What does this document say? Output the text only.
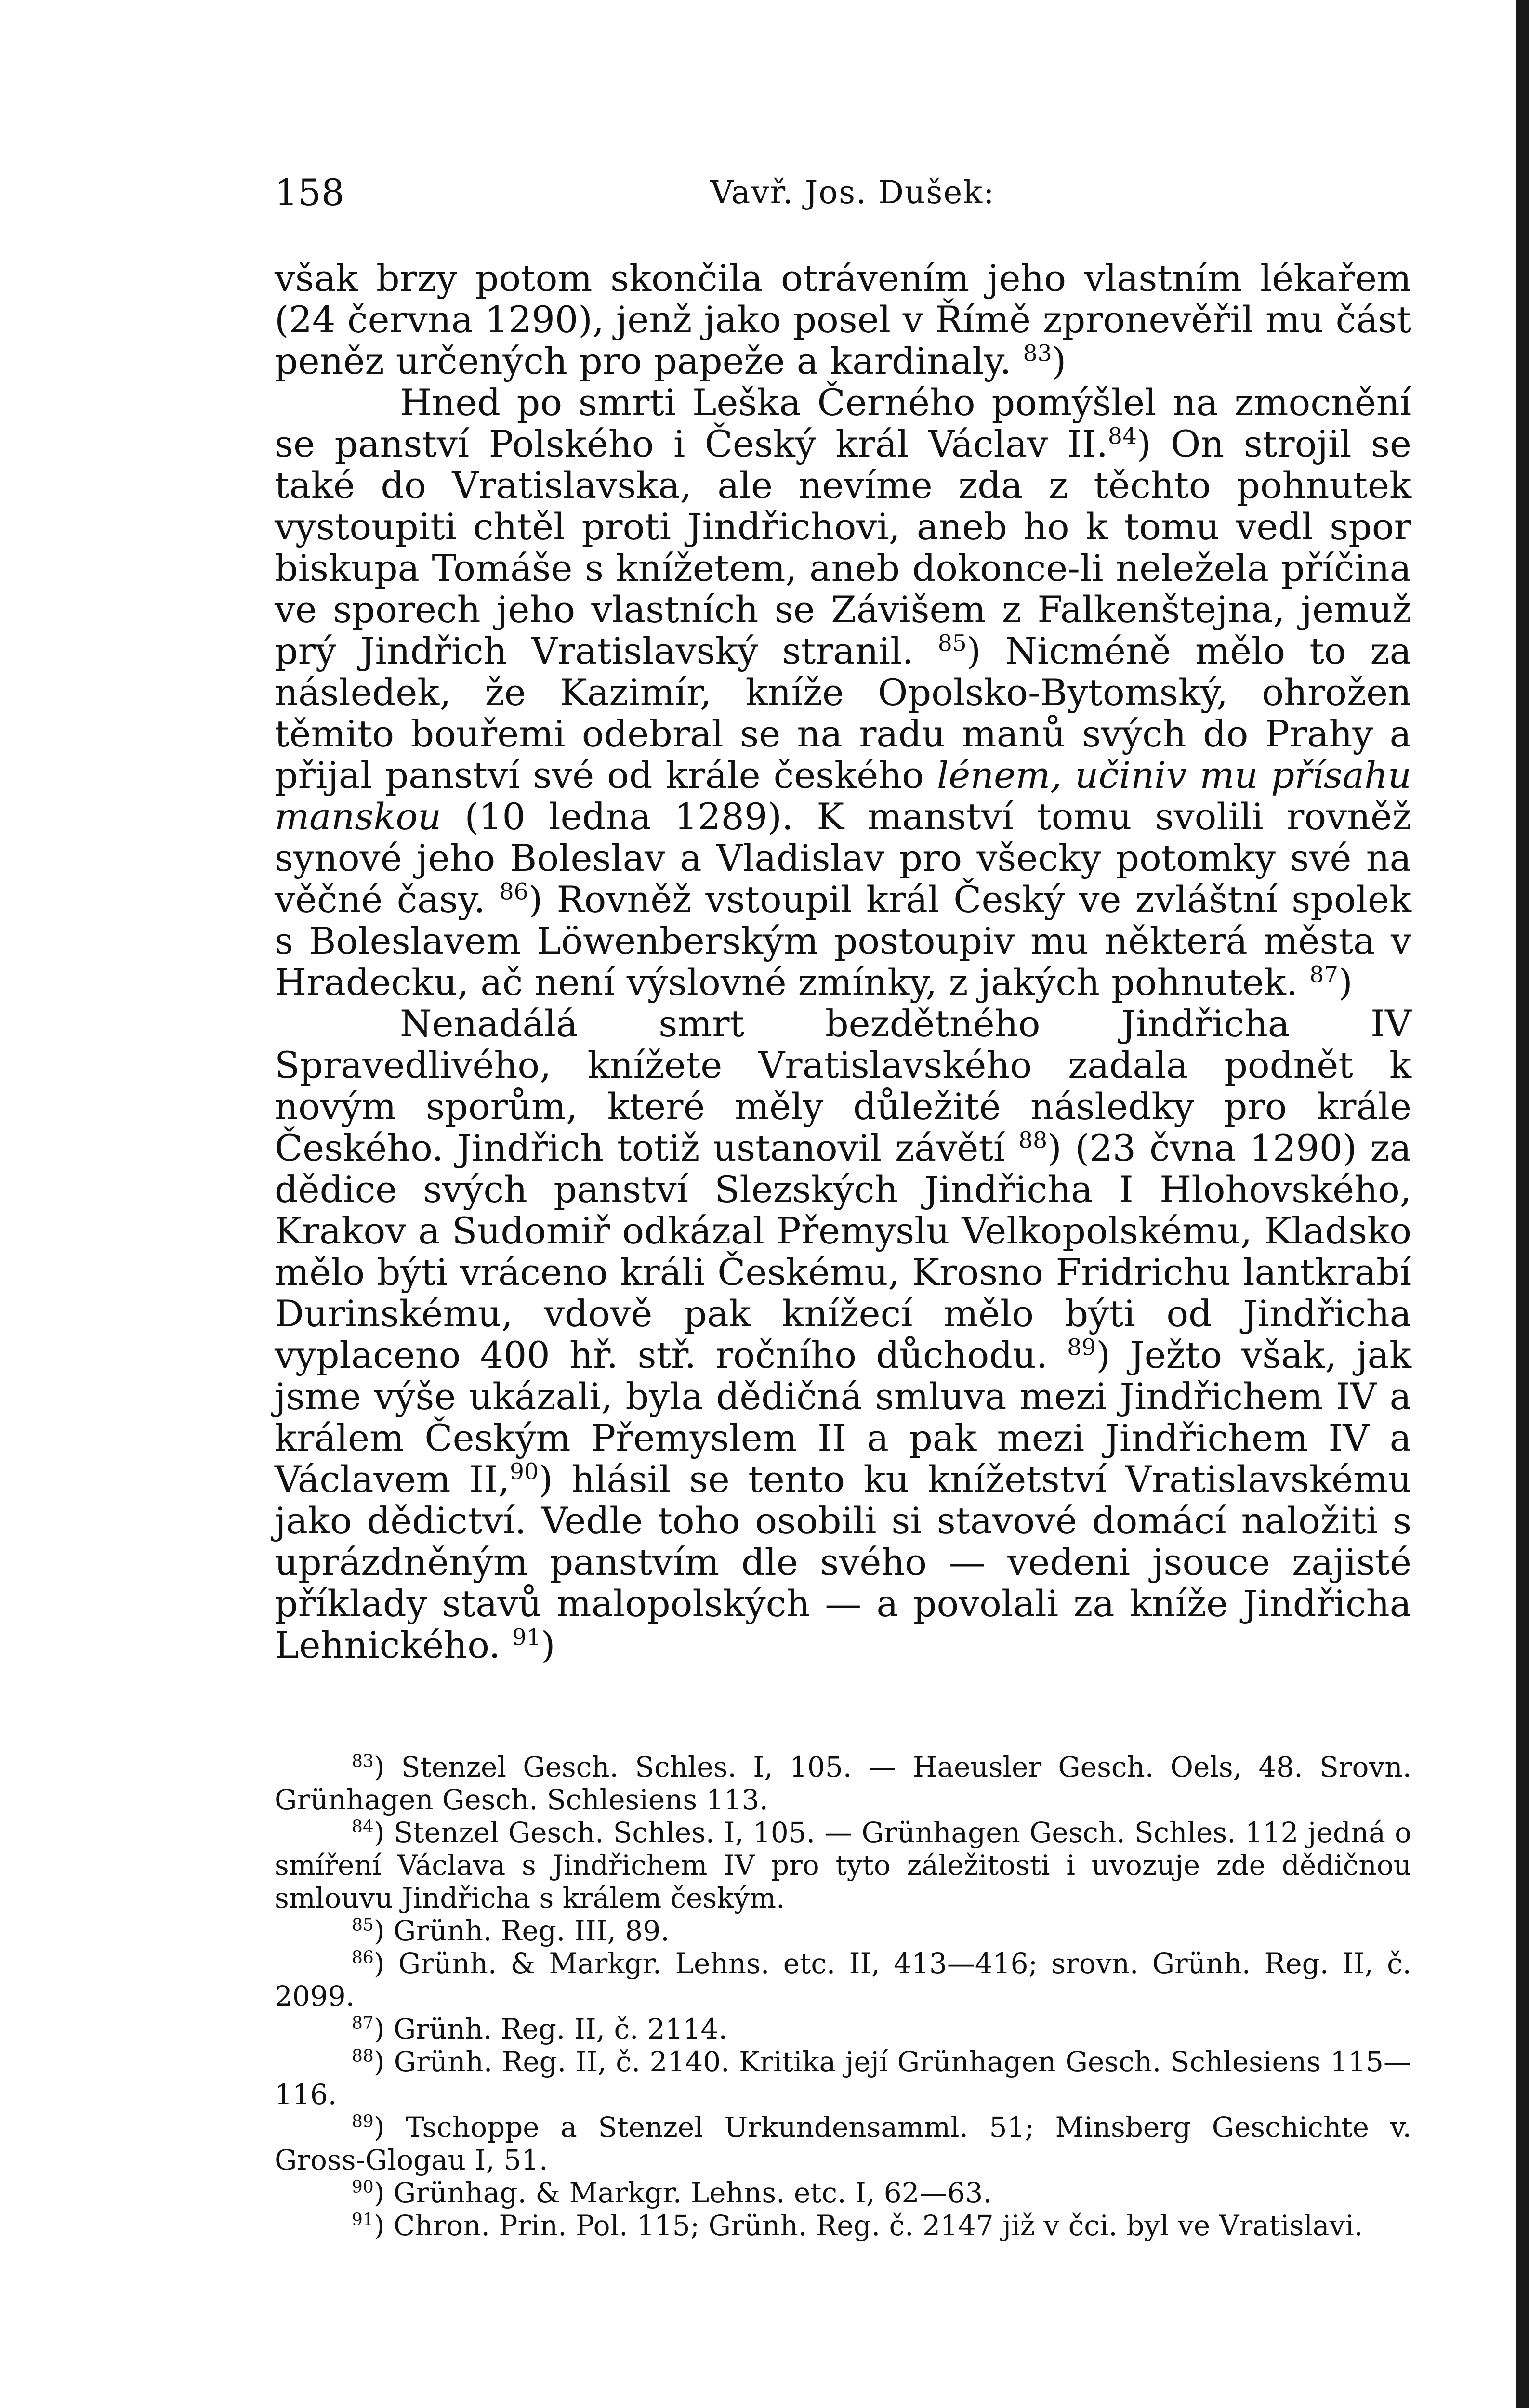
158	Vavř. Jos. Dušek:

však brzy potom skončila otrávením jeho vlastním lékařem (24 června 1290), jenž jako posel v Římě zpronevěřil mu část peněz určených pro papeže a kardinaly. $^{83}$)

Hned po smrti Leška Černého pomýšlel na zmocnění se panství Polského i Český král Václav II.$^{84}$) On strojil se také do Vratislavska, ale nevíme zda z těchto pohnutek vystoupiti chtěl proti Jindřichovi, aneb ho k tomu vedl spor biskupa Tomáše s knížetem, aneb dokonce-li neležela příčina ve sporech jeho vlastních se Závišem z Falkenštejna, jemuž prý Jindřich Vratislavský stranil. $^{85}$) Nicméně mělo to za následek, že Kazimír, kníže Opolsko-Bytomský, ohrožen těmito bouřemi odebral se na radu manů svých do Prahy a přijal panství své od krále českého lénem, učiniv mu přísahu manskou (10 ledna 1289). K manství tomu svolili rovněž synové jeho Boleslav a Vladislav pro všecky potomky své na věčné časy. $^{86}$) Rovněž vstoupil král Český ve zvláštní spolek s Boleslavem Löwenberským postoupiv mu některá města v Hradecku, ač není výslovné zmínky, z jakých pohnutek. $^{87}$)

Nenadálá smrt bezdětného Jindřicha IV Spravedlivého, knížete Vratislavského zadala podnět k novým sporům, které měly důležité následky pro krále Českého. Jindřich totiž ustanovil závětí $^{88}$) (23 čvna 1290) za dědice svých panství Slezských Jindřicha I Hlohovského, Krakov a Sudomiř odkázal Přemyslu Velkopolskému, Kladsko mělo býti vráceno králi Českému, Krosno Fridrichu lantkrabí Durinskému, vdově pak knížecí mělo býti od Jindřicha vyplaceno 400 hř. stř. ročního důchodu. $^{89}$) Ježto však, jak jsme výše ukázali, byla dědičná smluva mezi Jindřichem IV a králem Českým Přemyslem II a pak mezi Jindřichem IV a Václavem II,$^{90}$) hlásil se tento ku knížetství Vratislavskému jako dědictví. Vedle toho osobili si stavové domácí naložiti s uprázdněným panstvím dle svého — vedeni jsouce zajisté příklady stavů malopolských — a povolali za kníže Jindřicha Lehnického. $^{91}$)

$^{83}$) Stenzel Gesch. Schles. I, 105. — Haeusler Gesch. Oels, 48. Srovn. Grünhagen Gesch. Schlesiens 113.

$^{84}$) Stenzel Gesch. Schles. I, 105. — Grünhagen Gesch. Schles. 112 jedná o smíření Václava s Jindřichem IV pro tyto záležitosti i uvozuje zde dědičnou smlouvu Jindřicha s králem českým.

$^{85}$) Grünh. Reg. III, 89.

$^{86}$) Grünh. & Markgr. Lehns. etc. II, 413—416; srovn. Grünh. Reg. II, č. 2099.

$^{87}$) Grünh. Reg. II, č. 2114.

$^{88}$) Grünh. Reg. II, č. 2140. Kritika její Grünhagen Gesch. Schlesiens 115—116.

$^{89}$) Tschoppe a Stenzel Urkundensamml. 51; Minsberg Geschichte v. Gross-Glogau I, 51.

$^{90}$) Grünhag. & Markgr. Lehns. etc. I, 62—63.

$^{91}$) Chron. Prin. Pol. 115; Grünh. Reg. č. 2147 již v čci. byl ve Vratislavi.
